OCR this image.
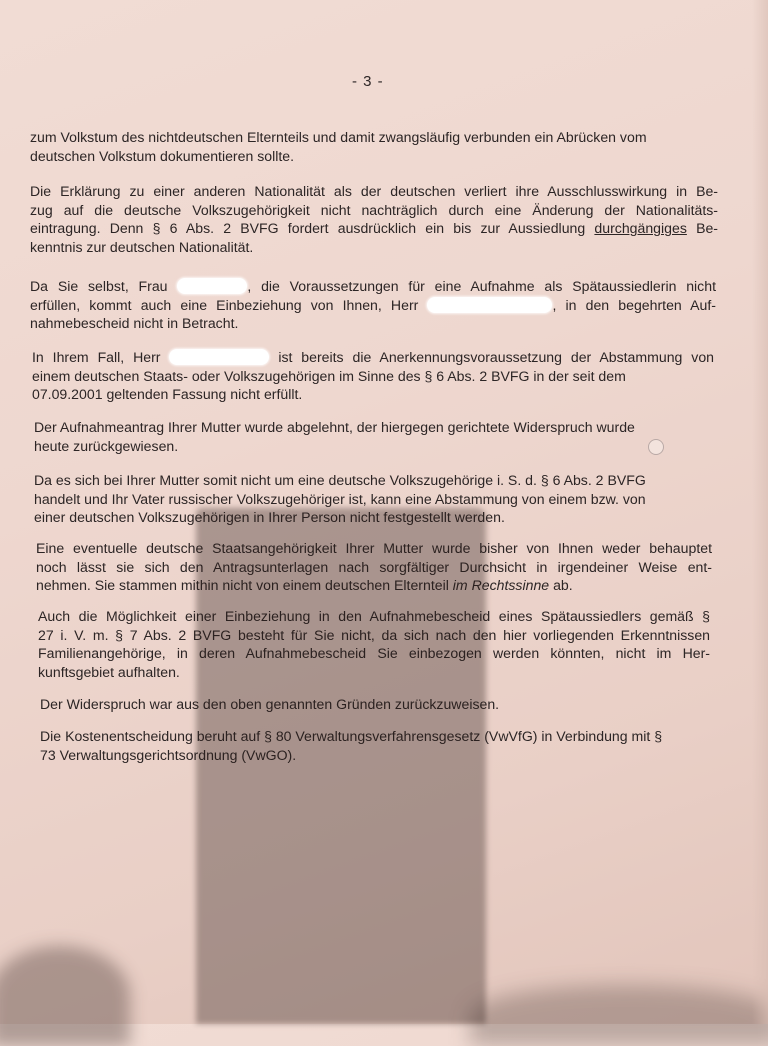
- 3 -
zum Volkstum des nichtdeutschen Elternteils und damit zwangsläufig verbunden ein Abrücken vom
deutschen Volkstum dokumentieren sollte.
Die Erklärung zu einer anderen Nationalität als der deutschen verliert ihre Ausschlusswirkung in Be-
zug auf die deutsche Volkszugehörigkeit nicht nachträglich durch eine Änderung der Nationalitäts-
eintragung. Denn § 6 Abs. 2 BVFG fordert ausdrücklich ein bis zur Aussiedlung durchgängiges Be-
kenntnis zur deutschen Nationalität.
Da Sie selbst, Frau	, die Voraussetzungen für eine Aufnahme als Spätaussiedlerin nicht
erfüllen, kommt auch eine Einbeziehung von Ihnen, Herr	, in den begehrten Auf-
nahmebescheid nicht in Betracht.
In Ihrem Fall, Herr	ist bereits die Anerkennungsvoraussetzung der Abstammung von
einem deutschen Staats- oder Volkszugehörigen im Sinne des § 6 Abs. 2 BVFG in der seit dem
07.09.2001 geltenden Fassung nicht erfüllt.
Der Aufnahmeantrag Ihrer Mutter wurde abgelehnt, der hiergegen gerichtete Widerspruch wurde
heute zurückgewiesen.
Da es sich bei Ihrer Mutter somit nicht um eine deutsche Volkszugehörige i. S. d. § 6 Abs. 2 BVFG
handelt und Ihr Vater russischer Volkszugehöriger ist, kann eine Abstammung von einem bzw. von
einer deutschen Volkszugehörigen in Ihrer Person nicht festgestellt werden.
Eine eventuelle deutsche Staatsangehörigkeit Ihrer Mutter wurde bisher von Ihnen weder behauptet
noch lässt sie sich den Antragsunterlagen nach sorgfältiger Durchsicht in irgendeiner Weise ent-
nehmen. Sie stammen mithin nicht von einem deutschen Elternteil im Rechtssinne ab.
Auch die Möglichkeit einer Einbeziehung in den Aufnahmebescheid eines Spätaussiedlers gemäß §
27 i. V. m. § 7 Abs. 2 BVFG besteht für Sie nicht, da sich nach den hier vorliegenden Erkenntnissen
Familienangehörige, in deren Aufnahmebescheid Sie einbezogen werden könnten, nicht im Her-
kunftsgebiet aufhalten.
Der Widerspruch war aus den oben genannten Gründen zurückzuweisen.
Die Kostenentscheidung beruht auf § 80 Verwaltungsverfahrensgesetz (VwVfG) in Verbindung mit §
73 Verwaltungsgerichtsordnung (VwGO).
